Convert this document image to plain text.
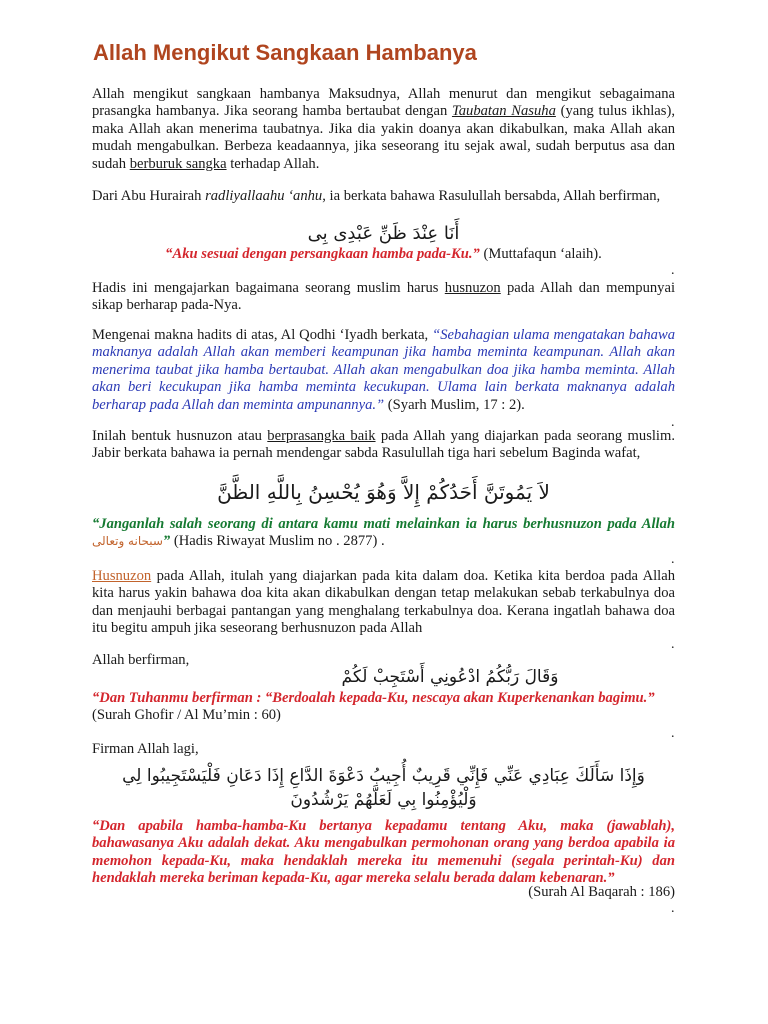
Allah Mengikut Sangkaan Hambanya
Allah mengikut sangkaan hambanya Maksudnya, Allah menurut dan mengikut sebagaimana prasangka hambanya. Jika seorang hamba bertaubat dengan Taubatan Nasuha (yang tulus ikhlas), maka Allah akan menerima taubatnya. Jika dia yakin doanya akan dikabulkan, maka Allah akan mudah mengabulkan. Berbeza keadaannya, jika seseorang itu sejak awal, sudah berputus asa dan sudah berburuk sangka terhadap Allah.
Dari Abu Hurairah radliyallaahu ‘anhu, ia berkata bahawa Rasulullah bersabda, Allah berfirman,
أَنَا عِنْدَ ظَنِّ عَبْدِى بِى
“Aku sesuai dengan persangkaan hamba pada-Ku.” (Muttafaqun ‘alaih).
.
Hadis ini mengajarkan bagaimana seorang muslim harus husnuzon pada Allah dan mempunyai sikap berharap pada-Nya.
Mengenai makna hadits di atas, Al Qodhi ‘Iyadh berkata, “Sebahagian ulama mengatakan bahawa maknanya adalah Allah akan memberi keampunan jika hamba meminta keampunan. Allah akan menerima taubat jika hamba bertaubat. Allah akan mengabulkan doa jika hamba meminta. Allah akan beri kecukupan jika hamba meminta kecukupan. Ulama lain berkata maknanya adalah berharap pada Allah dan meminta ampunannya.” (Syarh Muslim, 17 : 2).
.
Inilah bentuk husnuzon atau berprasangka baik pada Allah yang diajarkan pada seorang muslim. Jabir berkata bahawa ia pernah mendengar sabda Rasulullah tiga hari sebelum Baginda wafat,
لاَ يَمُوتَنَّ أَحَدُكُمْ إِلاَّ وَهُوَ يُحْسِنُ بِاللَّهِ الظَّنَّ
“Janganlah salah seorang di antara kamu mati melainkan ia harus berhusnuzon pada Allah سبحانه وتعالى” (Hadis Riwayat Muslim no . 2877) .
.
Husnuzon pada Allah, itulah yang diajarkan pada kita dalam doa. Ketika kita berdoa pada Allah kita harus yakin bahawa doa kita akan dikabulkan dengan tetap melakukan sebab terkabulnya doa dan menjauhi berbagai pantangan yang menghalang terkabulnya doa. Kerana ingatlah bahawa doa itu begitu ampuh jika seseorang berhusnuzon pada Allah
.
Allah berfirman,
وَقَالَ رَبُّكُمُ ادْعُونِي أَسْتَجِبْ لَكُمْ
“Dan Tuhanmu berfirman : “Berdoalah kepada-Ku, nescaya akan Kuperkenankan bagimu.” (Surah Ghofir / Al Mu’min : 60)
.
Firman Allah lagi,
وَإِذَا سَأَلَكَ عِبَادِي عَنِّي فَإِنِّي قَرِيبٌ أُجِيبُ دَعْوَةَ الدَّاعِ إِذَا دَعَانِ فَلْيَسْتَجِيبُوا لِي وَلْيُؤْمِنُوا بِي لَعَلَّهُمْ يَرْشُدُونَ
“Dan apabila hamba-hamba-Ku bertanya kepadamu tentang Aku, maka (jawablah), bahawasanya Aku adalah dekat. Aku mengabulkan permohonan orang yang berdoa apabila ia memohon kepada-Ku, maka hendaklah mereka itu memenuhi (segala perintah-Ku) dan hendaklah mereka beriman kepada-Ku, agar mereka selalu berada dalam kebenaran.”
(Surah Al Baqarah : 186)
.
